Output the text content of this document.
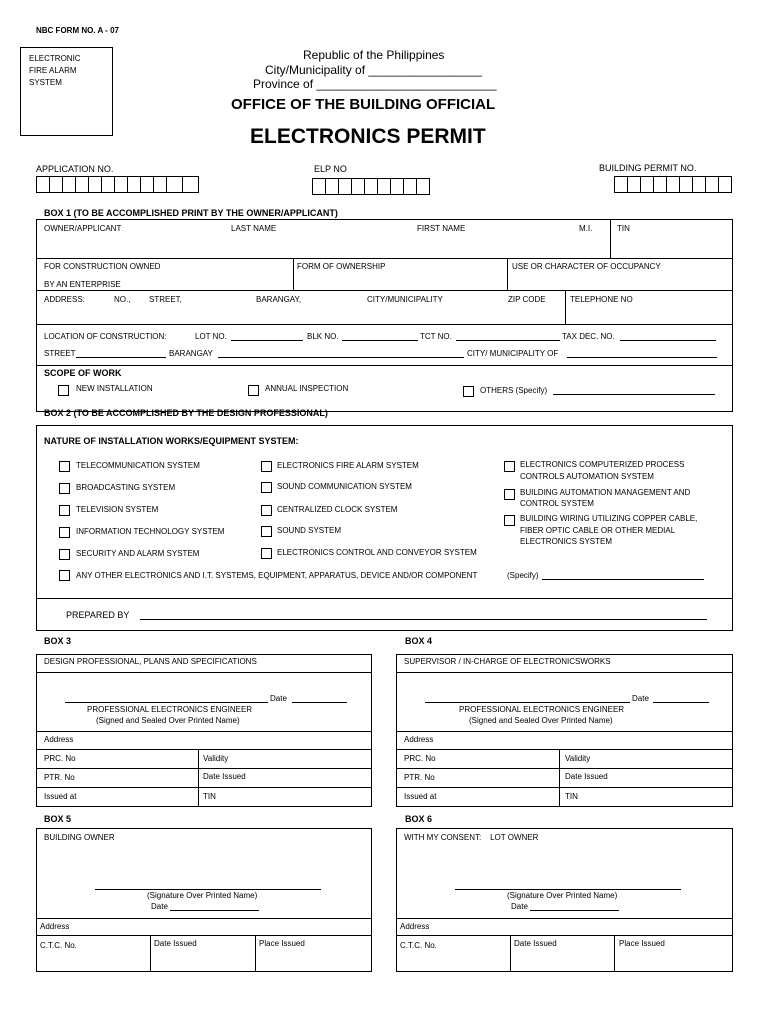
NBC FORM NO. A - 07
ELECTRONIC
FIRE ALARM
SYSTEM
Republic of the Philippines
City/Municipality of _________________
Province of ___________________________
OFFICE OF THE BUILDING OFFICIAL
ELECTRONICS PERMIT
APPLICATION NO.	ELP NO	BUILDING PERMIT NO.
BOX 1 (TO BE ACCOMPLISHED PRINT BY THE OWNER/APPLICANT)
OWNER/APPLICANT	LAST NAME	FIRST NAME	M.I.	TIN
FOR CONSTRUCTION OWNED
BY AN ENTERPRISE
FORM OF OWNERSHIP	USE OR CHARACTER OF OCCUPANCY
ADDRESS:	NO., STREET,	BARANGAY,	CITY/MUNICIPALITY	ZIP CODE	TELEPHONE NO
LOCATION OF CONSTRUCTION:	LOT NO.	BLK NO.	TCT NO.	TAX DEC. NO.
STREET	BARANGAY	CITY/ MUNICIPALITY OF
SCOPE OF WORK
NEW INSTALLATION	ANNUAL INSPECTION	OTHERS (Specify)
BOX 2 (TO BE ACCOMPLISHED BY THE DESIGN PROFESSIONAL)
NATURE OF INSTALLATION WORKS/EQUIPMENT SYSTEM:
TELECOMMUNICATION SYSTEM
BROADCASTING SYSTEM
TELEVISION SYSTEM
INFORMATION TECHNOLOGY SYSTEM
SECURITY AND ALARM SYSTEM
ELECTRONICS FIRE ALARM SYSTEM
SOUND COMMUNICATION SYSTEM
CENTRALIZED CLOCK SYSTEM
SOUND SYSTEM
ELECTRONICS CONTROL AND CONVEYOR SYSTEM
ELECTRONICS COMPUTERIZED PROCESS
CONTROLS AUTOMATION SYSTEM
BUILDING AUTOMATION MANAGEMENT AND
CONTROL SYSTEM
BUILDING WIRING UTILIZING COPPER CABLE,
FIBER OPTIC CABLE OR OTHER MEDIAL
ELECTRONICS SYSTEM
ANY OTHER ELECTRONICS AND I.T. SYSTEMS, EQUIPMENT, APPARATUS, DEVICE AND/OR COMPONENT	(Specify)
PREPARED BY
BOX 3
DESIGN PROFESSIONAL, PLANS AND SPECIFICATIONS
Date
PROFESSIONAL ELECTRONICS ENGINEER
(Signed and Sealed Over Printed Name)
Address
PRC. No	Validity
PTR. No	Date Issued
Issued at	TIN
BOX 4
SUPERVISOR / IN-CHARGE OF ELECTRONICSWORKS
Date
PROFESSIONAL ELECTRONICS ENGINEER
(Signed and Sealed Over Printed Name)
Address
PRC. No	Validity
PTR. No	Date Issued
Issued at	TIN
BOX 5
BUILDING OWNER
(Signature Over Printed Name)
Date
Address
C.T.C. No.	Date Issued	Place Issued
BOX 6
WITH MY CONSENT:    LOT OWNER
(Signature Over Printed Name)
Date
Address
C.T.C. No.	Date Issued	Place Issued
